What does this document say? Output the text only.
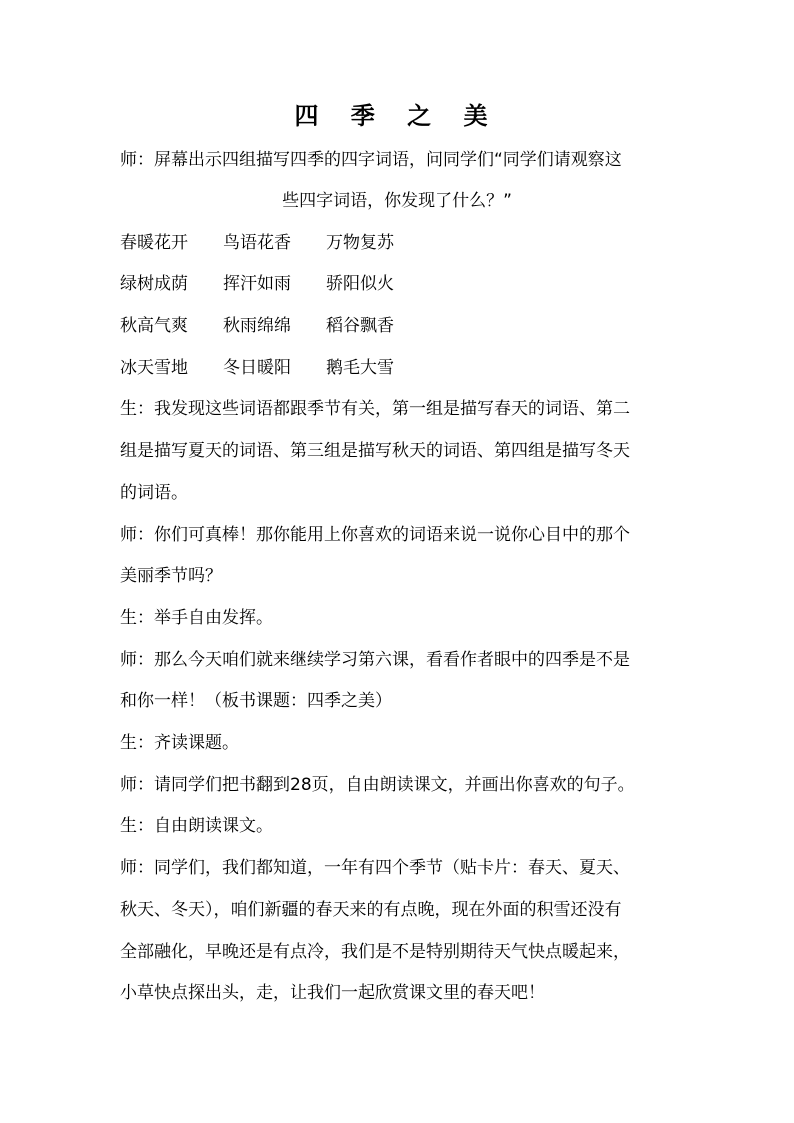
四 季 之 美
师：屏幕出示四组描写四季的四字词语，问同学们“同学们请观察这
些四字词语，你发现了什么？”
春暖花开 鸟语花香 万物复苏
绿树成荫 挥汗如雨 骄阳似火
秋高气爽 秋雨绵绵 稻谷飘香
冰天雪地 冬日暖阳 鹅毛大雪
生：我发现这些词语都跟季节有关，第一组是描写春天的词语、第二
组是描写夏天的词语、第三组是描写秋天的词语、第四组是描写冬天
的词语。
师：你们可真棒！那你能用上你喜欢的词语来说一说你心目中的那个
美丽季节吗？
生：举手自由发挥。
师：那么今天咱们就来继续学习第六课，看看作者眼中的四季是不是
和你一样！（板书课题：四季之美）
生：齐读课题。
师：请同学们把书翻到28页，自由朗读课文，并画出你喜欢的句子。
生：自由朗读课文。
师：同学们，我们都知道，一年有四个季节（贴卡片：春天、夏天、
秋天、冬天），咱们新疆的春天来的有点晚，现在外面的积雪还没有
全部融化，早晚还是有点冷，我们是不是特别期待天气快点暖起来，
小草快点探出头，走，让我们一起欣赏课文里的春天吧！
